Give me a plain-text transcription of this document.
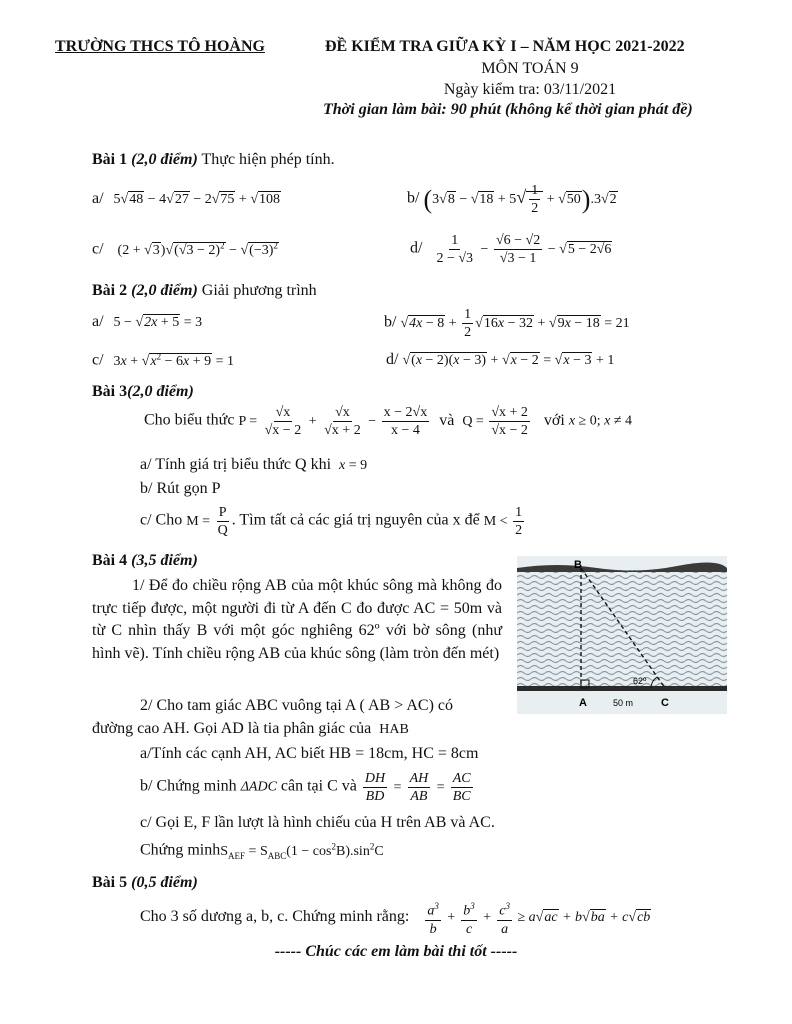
TRƯỜNG THCS TÔ HOÀNG	ĐỀ KIỂM TRA GIỮA KỲ I – NĂM HỌC 2021-2022
MÔN TOÁN 9
Ngày kiểm tra: 03/11/2021
Thời gian làm bài: 90 phút (không kể thời gian phát đề)
Bài 1 (2,0 điểm) Thực hiện phép tính.
a/ 5√48 − 4√27 − 2√75 + √108	b/ $(3√8 - √18 + 5√ \frac{1}{2} + √50).3√2$
c/ $(2 + √3)√(√3 - 2)^2 - √(-3)^2$	$d/ \frac{1}{2 - √3} - \frac{√6 - √2}{√3 - 1} - √5 - 2√6$
Bài 2 (2,0 điểm) Giải phương trình
a/ 5 − √2x + 5 = 3	b/ $√4x - 8 + \frac{1}{2} √16x - 32 + √9x - 18 = 21$
c/ $3x + √x^2 - 6x + 9 = 1$	d/ √(x − 2)(x − 3) + √x − 2 = √x − 3 + 1
Bài 3(2,0 điểm)
Cho biểu thức $P = \frac{√x}{√x - 2} + \frac{√x}{√x + 2} - \frac{x - 2√x}{x - 4}$ và $Q = \frac{√x + 2}{√x - 2}$ với x ≥ 0; x ≠ 4
a/ Tính giá trị biểu thức Q khi x = 9
b/ Rút gọn P
c/ Cho $M = \frac{P}{Q}$ . Tìm tất cả các giá trị nguyên của x để $M < \frac{1}{2}$
Bài 4 (3,5 điểm)
1/ Để đo chiều rộng AB của một khúc sông mà không đo trực tiếp được, một người đi từ A đến C đo được AC = 50m và từ C nhìn thấy B với một góc nghiêng 62º với bờ sông (như hình vẽ). Tính chiều rộng AB của khúc sông (làm tròn đến mét)
2/ Cho tam giác ABC vuông tại A ( AB > AC) có
đường cao AH. Gọi AD là tia phân giác của HAB
a/Tính các cạnh AH, AC biết HB = 18cm, HC = 8cm
b/ Chứng minh ΔADC cân tại C và $\frac{DH}{BD} = \frac{AH}{AB} = \frac{AC}{BC}$
c/ Gọi E, F lần lượt là hình chiếu của H trên AB và AC.
Chứng minhS$_{AEF}$ = $S_{ABC}(1 - \cos^2B).\sin^2C$
B
A	C
62º
50 m
Bài 5 (0,5 điểm)
Cho 3 số dương a, b, c. Chứng minh rằng: $\frac{a^3}{b} + \frac{b^3}{c} + \frac{c^3}{a} \ge a√ac + b√ba + c√cb$
----- Chúc các em làm bài thi tốt -----
